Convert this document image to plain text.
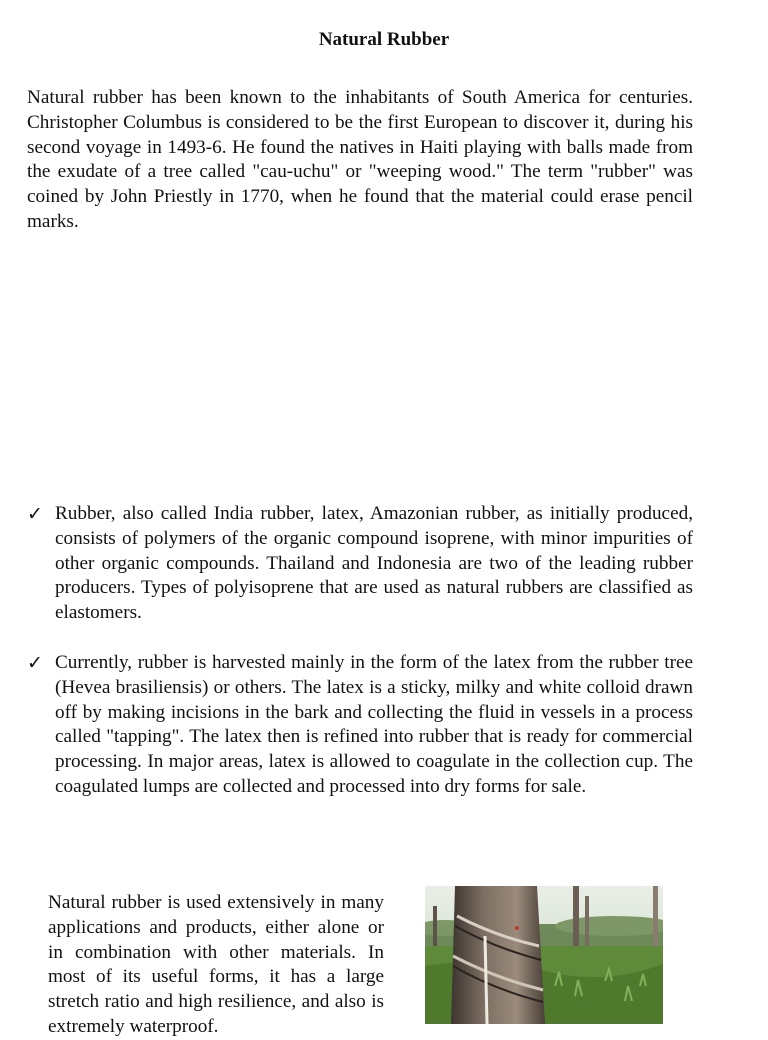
Natural Rubber

Natural rubber has been known to the inhabitants of South America for centuries. Christopher Columbus is considered to be the first European to discover it, during his second voyage in 1493-6. He found the natives in Haiti playing with balls made from the exudate of a tree called "cau-uchu" or "weeping wood." The term "rubber" was coined by John Priestly in 1770, when he found that the material could erase pencil marks.

✓ Rubber, also called India rubber, latex, Amazonian rubber, as initially produced, consists of polymers of the organic compound isoprene, with minor impurities of other organic compounds. Thailand and Indonesia are two of the leading rubber producers. Types of polyisoprene that are used as natural rubbers are classified as elastomers.

✓ Currently, rubber is harvested mainly in the form of the latex from the rubber tree (Hevea brasiliensis) or others. The latex is a sticky, milky and white colloid drawn off by making incisions in the bark and collecting the fluid in vessels in a process called "tapping". The latex then is refined into rubber that is ready for commercial processing. In major areas, latex is allowed to coagulate in the collection cup. The coagulated lumps are collected and processed into dry forms for sale.

Natural rubber is used extensively in many applications and products, either alone or in combination with other materials. In most of its useful forms, it has a large stretch ratio and high resilience, and also is extremely waterproof.
